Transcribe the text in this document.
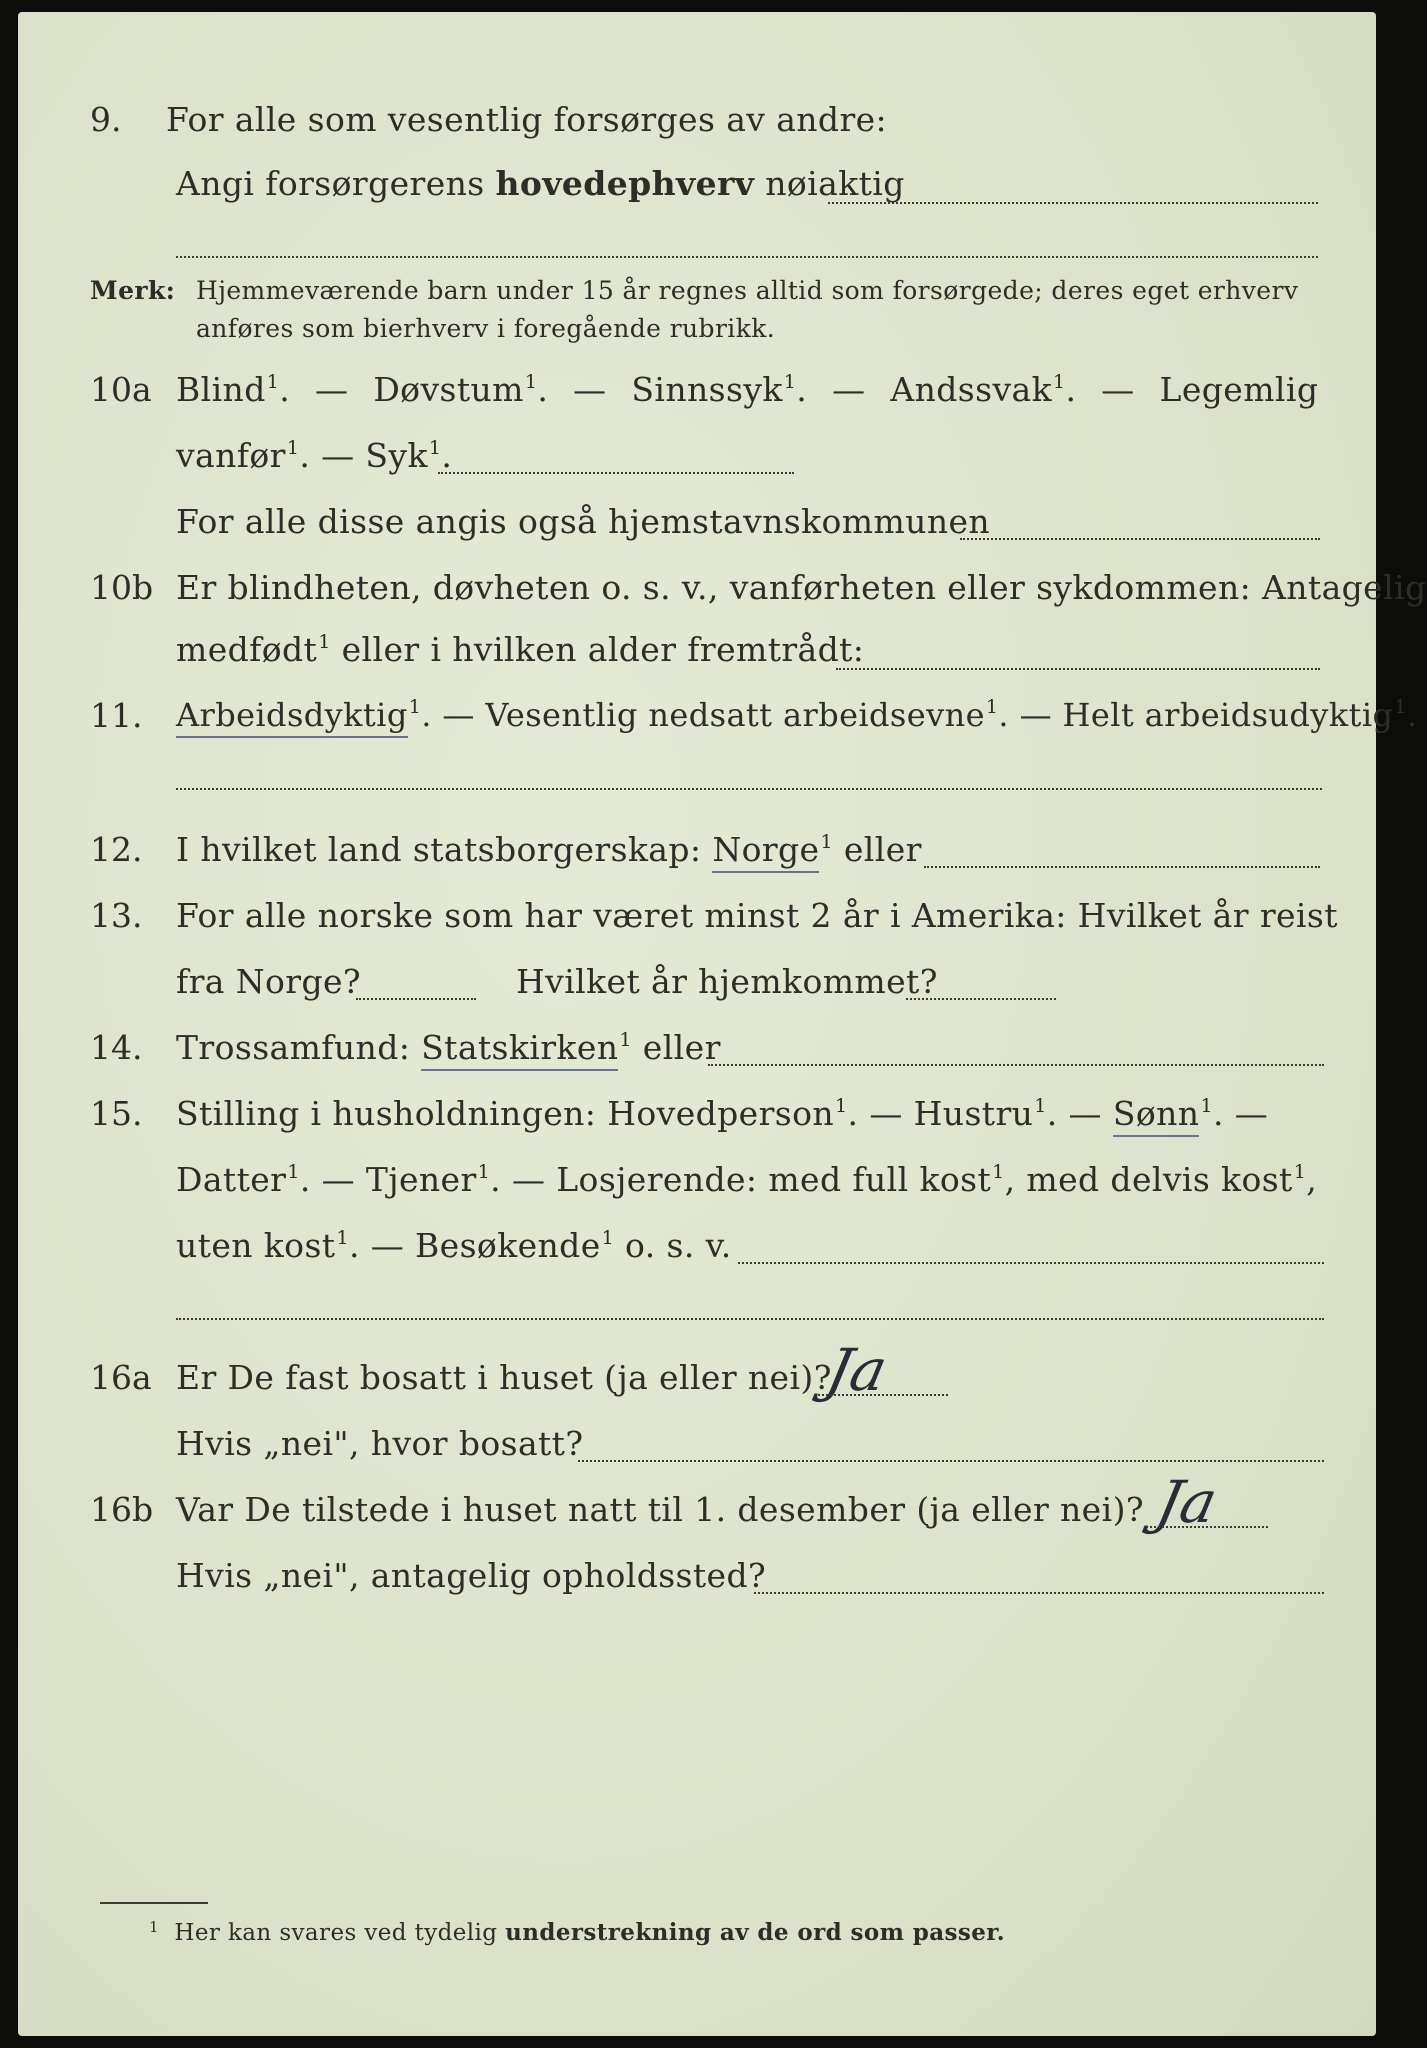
9. For alle som vesentlig forsørges av andre:
Angi forsørgerens hovedерhverv nøiaktig
Merk: Hjemmeværende barn under 15 år regnes alltid som forsørgede; deres eget erhverv
anføres som bierhverv i foregående rubrikk.
10a Blind$^1$. — Døvstum$^1$. — Sinnssyk$^1$. — Andssvak$^1$. — Legemlig
vanfør$^1$. — Syk$^1$.
For alle disse angis også hjemstavnskommunen
10b Er blindheten, døvheten o. s. v., vanførheten eller sykdommen: Antagelig
medfødt$^1$ eller i hvilken alder fremtrådt:
11. Arbeidsdyktig$^1$. — Vesentlig nedsatt arbeidsevne$^1$. — Helt arbeidsudyktig$^1$.
12. I hvilket land statsborgerskap: Norge$^1$ eller
13. For alle norske som har været minst 2 år i Amerika: Hvilket år reist
fra Norge?	Hvilket år hjemkommet?
14. Trossamfund: Statskirken$^1$ eller
15. Stilling i husholdningen: Hovedperson$^1$. — Hustru$^1$. — Sønn$^1$. —
Datter$^1$. — Tjener$^1$. — Losjerende: med full kost$^1$, med delvis kost$^1$,
uten kost$^1$. — Besøkende$^1$ o. s. v.
16a Er De fast bosatt i huset (ja eller nei)?
Ja
Hvis „nei", hvor bosatt?
16b Var De tilstede i huset natt til 1. desember (ja eller nei)? Ja
Hvis „nei", antagelig opholdssted?
$^1$ Her kan svares ved tydelig understrekning av de ord som passer.
